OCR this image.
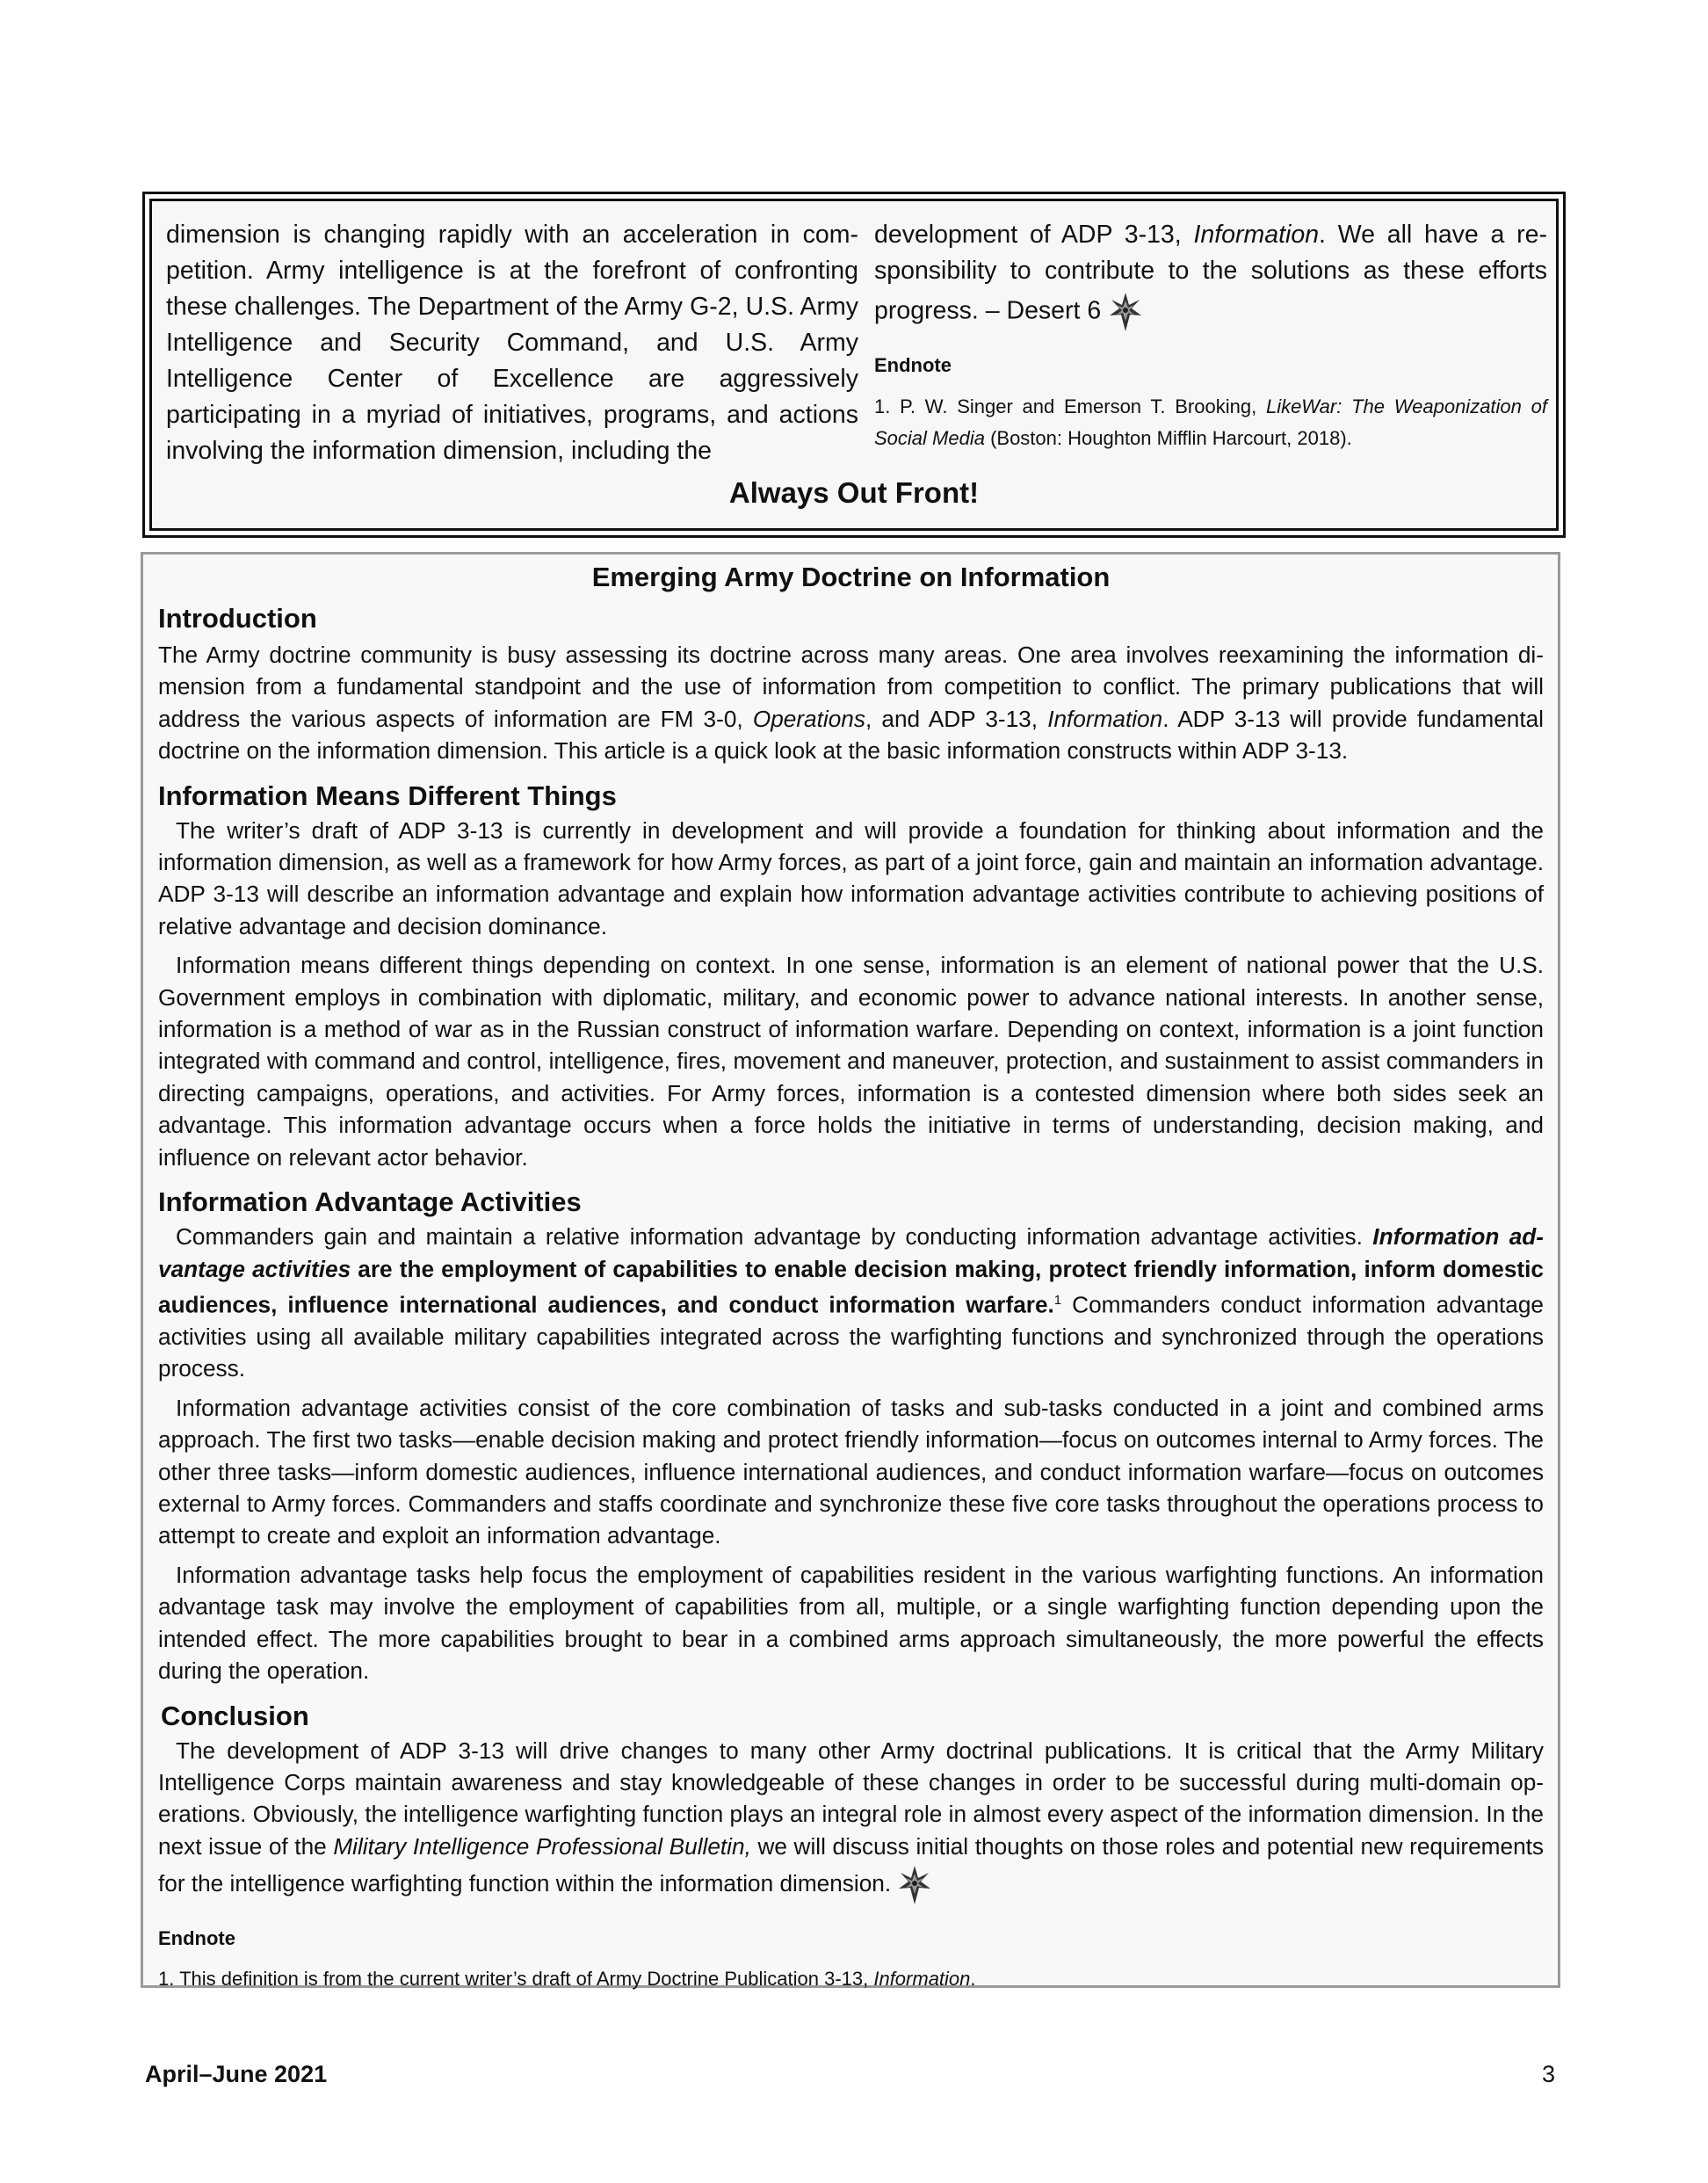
dimension is changing rapidly with an acceleration in competition. Army intelligence is at the forefront of confronting these challenges. The Department of the Army G-2, U.S. Army Intelligence and Security Command, and U.S. Army Intelligence Center of Excellence are aggressively participating in a myriad of initiatives, programs, and actions involving the information dimension, including the

development of ADP 3-13, Information. We all have a responsibility to contribute to the solutions as these efforts progress. – Desert 6

Endnote

1. P. W. Singer and Emerson T. Brooking, LikeWar: The Weaponization of Social Media (Boston: Houghton Mifflin Harcourt, 2018).

Always Out Front!
Emerging Army Doctrine on Information
Introduction

The Army doctrine community is busy assessing its doctrine across many areas. One area involves reexamining the information dimension from a fundamental standpoint and the use of information from competition to conflict. The primary publications that will address the various aspects of information are FM 3-0, Operations, and ADP 3-13, Information. ADP 3-13 will provide fundamental doctrine on the information dimension. This article is a quick look at the basic information constructs within ADP 3-13.

Information Means Different Things

The writer’s draft of ADP 3-13 is currently in development and will provide a foundation for thinking about information and the information dimension, as well as a framework for how Army forces, as part of a joint force, gain and maintain an information advantage. ADP 3-13 will describe an information advantage and explain how information advantage activities contribute to achieving positions of relative advantage and decision dominance.

Information means different things depending on context. In one sense, information is an element of national power that the U.S. Government employs in combination with diplomatic, military, and economic power to advance national interests. In another sense, information is a method of war as in the Russian construct of information warfare. Depending on context, information is a joint function integrated with command and control, intelligence, fires, movement and maneuver, protection, and sustainment to assist commanders in directing campaigns, operations, and activities. For Army forces, information is a contested dimension where both sides seek an advantage. This information advantage occurs when a force holds the initiative in terms of understanding, decision making, and influence on relevant actor behavior.

Information Advantage Activities

Commanders gain and maintain a relative information advantage by conducting information advantage activities. Information advantage activities are the employment of capabilities to enable decision making, protect friendly information, inform domestic audiences, influence international audiences, and conduct information warfare.$^1$ Commanders conduct information advantage activities using all available military capabilities integrated across the warfighting functions and synchronized through the operations process.

Information advantage activities consist of the core combination of tasks and sub-tasks conducted in a joint and combined arms approach. The first two tasks—enable decision making and protect friendly information—focus on outcomes internal to Army forces. The other three tasks—inform domestic audiences, influence international audiences, and conduct information warfare—focus on outcomes external to Army forces. Commanders and staffs coordinate and synchronize these five core tasks throughout the operations process to attempt to create and exploit an information advantage.

Information advantage tasks help focus the employment of capabilities resident in the various warfighting functions. An information advantage task may involve the employment of capabilities from all, multiple, or a single warfighting function depending upon the intended effect. The more capabilities brought to bear in a combined arms approach simultaneously, the more powerful the effects during the operation.

Conclusion

The development of ADP 3-13 will drive changes to many other Army doctrinal publications. It is critical that the Army Military Intelligence Corps maintain awareness and stay knowledgeable of these changes in order to be successful during multi-domain operations. Obviously, the intelligence warfighting function plays an integral role in almost every aspect of the information dimension. In the next issue of the Military Intelligence Professional Bulletin, we will discuss initial thoughts on those roles and potential new requirements for the intelligence warfighting function within the information dimension.

Endnote

1. This definition is from the current writer’s draft of Army Doctrine Publication 3-13, Information.

April–June 2021	3
